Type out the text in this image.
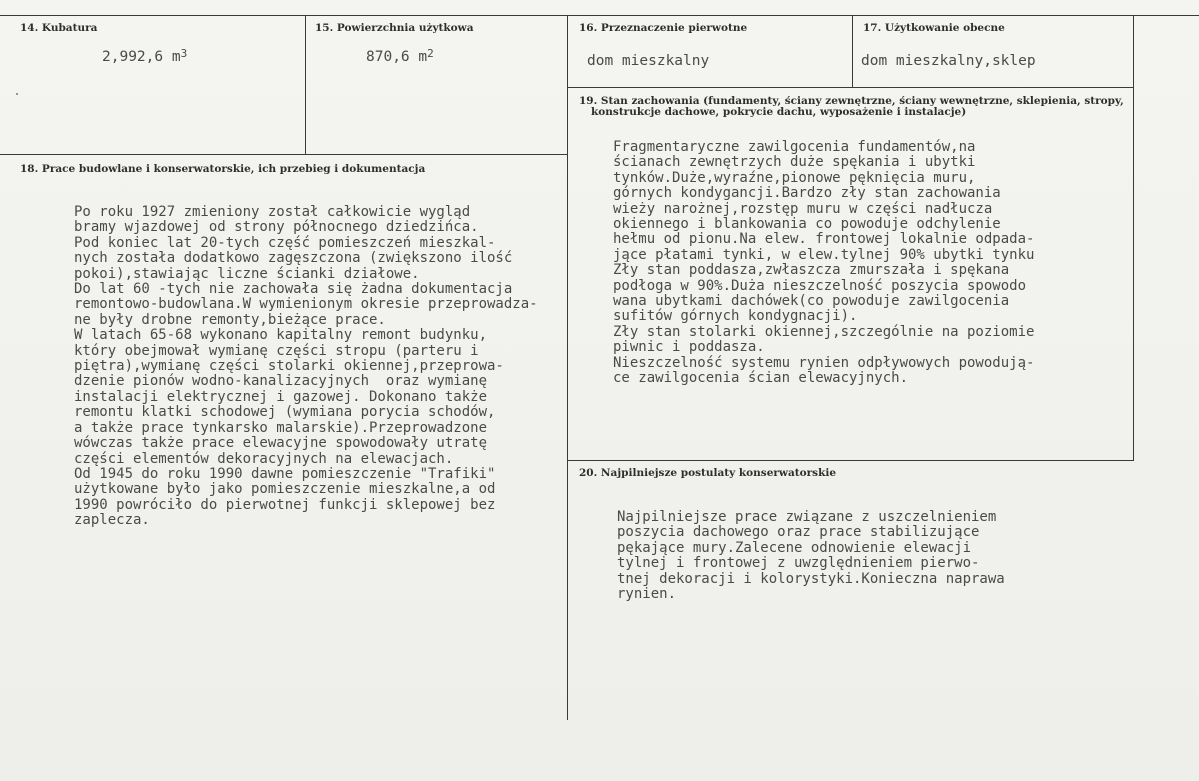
14. Kubatura
2,992,6 $m^3$
15. Powierzchnia użytkowa
870,6 $m^2$
16. Przeznaczenie pierwotne
dom mieszkalny
17. Użytkowanie obecne
dom mieszkalny,sklep
19. Stan zachowania (fundamenty, ściany zewnętrzne, ściany wewnętrzne, sklepienia, stropy,
konstrukcje dachowe, pokrycie dachu, wyposażenie i instalacje)
Fragmentaryczne zawilgocenia fundamentów,na
ścianach zewnętrzych duże spękania i ubytki
tynków.Duże,wyraźne,pionowe pęknięcia muru,
górnych kondygancji.Bardzo zły stan zachowania
wieży narożnej,rozstęp muru w części nadłucza
okiennego i blankowania co powoduje odchylenie
hełmu od pionu.Na elew. frontowej lokalnie odpada-
jące płatami tynki, w elew.tylnej 90% ubytki tynku
Zły stan poddasza,zwłaszcza zmurszała i spękana
podłoga w 90%.Duża nieszczelność poszycia spowodo
wana ubytkami dachówek(co powoduje zawilgocenia
sufitów górnych kondygnacji).
Zły stan stolarki okiennej,szczególnie na poziomie
piwnic i poddasza.
Nieszczelność systemu rynien odpływowych powodują-
ce zawilgocenia ścian elewacyjnych.
18. Prace budowlane i konserwatorskie, ich przebieg i dokumentacja
Po roku 1927 zmieniony został całkowicie wygląd
bramy wjazdowej od strony północnego dziedzińca.
Pod koniec lat 20-tych część pomieszczeń mieszkal-
nych została dodatkowo zagęszczona (zwiększono ilość
pokoi),stawiając liczne ścianki działowe.
Do lat 60 -tych nie zachowała się żadna dokumentacja
remontowo-budowlana.W wymienionym okresie przeprowadza-
ne były drobne remonty,bieżące prace.
W latach 65-68 wykonano kapitalny remont budynku,
który obejmował wymianę części stropu (parteru i
piętra),wymianę części stolarki okiennej,przeprowa-
dzenie pionów wodno-kanalizacyjnych  oraz wymianę
instalacji elektrycznej i gazowej. Dokonano także
remontu klatki schodowej (wymiana porycia schodów,
a także prace tynkarsko malarskie).Przeprowadzone
wówczas także prace elewacyjne spowodowały utratę
części elementów dekoracyjnych na elewacjach.
Od 1945 do roku 1990 dawne pomieszczenie "Trafiki"
użytkowane było jako pomieszczenie mieszkalne,a od
1990 powróciło do pierwotnej funkcji sklepowej bez
zaplecza.
20. Najpilniejsze postulaty konserwatorskie
Najpilniejsze prace związane z uszczelnieniem
poszycia dachowego oraz prace stabilizujące
pękające mury.Zalecene odnowienie elewacji
tylnej i frontowej z uwzględnieniem pierwo-
tnej dekoracji i kolorystyki.Konieczna naprawa
rynien.
